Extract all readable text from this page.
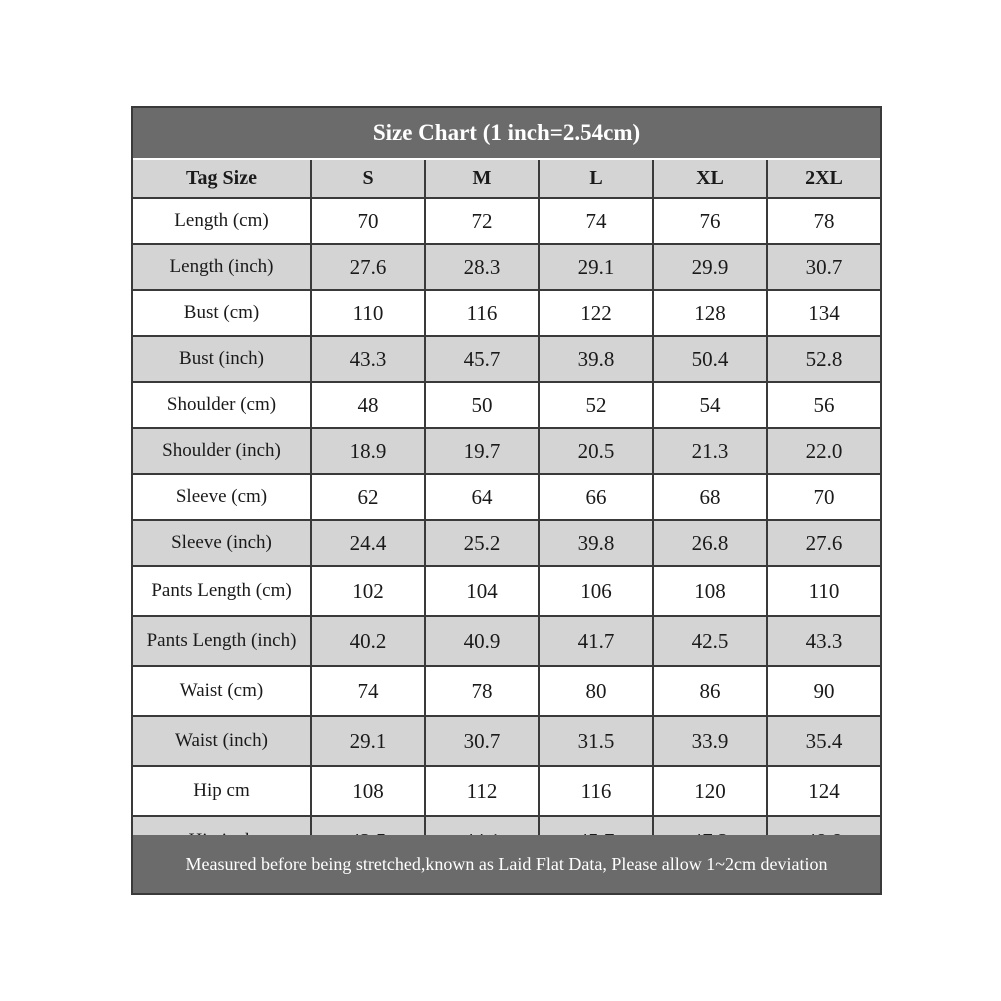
Size Chart (1 inch=2.54cm)
Tag Size	S	M	L	XL	2XL
Length (cm)	70	72	74	76	78
Length (inch)	27.6	28.3	29.1	29.9	30.7
Bust (cm)	110	116	122	128	134
Bust (inch)	43.3	45.7	39.8	50.4	52.8
Shoulder (cm)	48	50	52	54	56
Shoulder (inch)	18.9	19.7	20.5	21.3	22.0
Sleeve (cm)	62	64	66	68	70
Sleeve (inch)	24.4	25.2	39.8	26.8	27.6
Pants Length (cm)	102	104	106	108	110
Pants Length (inch)	40.2	40.9	41.7	42.5	43.3
Waist (cm)	74	78	80	86	90
Waist (inch)	29.1	30.7	31.5	33.9	35.4
Hip cm	108	112	116	120	124

Measured before being stretched,known as Laid Flat Data, Please allow 1~2cm deviation
